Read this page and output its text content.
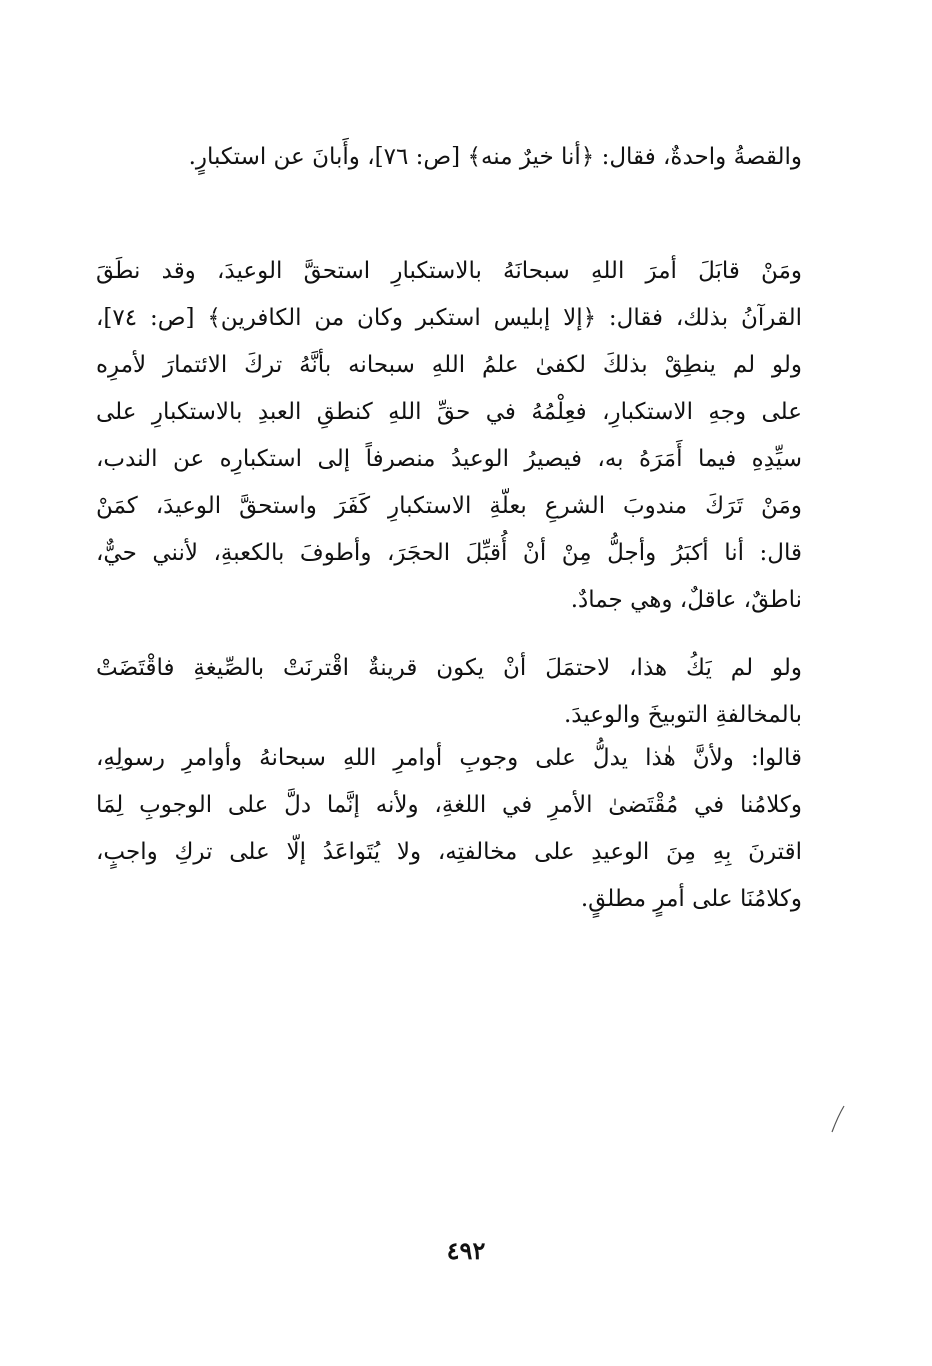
والقصةُ واحدةٌ، فقال: ﴿أنا خيرٌ منه﴾ [ص: ٧٦]، وأَبانَ عن استكبارٍ.
ومَنْ قابَلَ أمرَ اللهِ سبحانَهُ بالاستكبارِ استحقَّ الوعيدَ، وقد نطَقَ
القرآنُ بذلك، فقال: ﴿إلا إبليس استكبر وكان من الكافرين﴾ [ص: ٧٤]،
ولو لم ينطِقْ بذلكَ لكفىٰ علمُ اللهِ سبحانه بأنَّهُ تركَ الائتمارَ لأمرِه
على وجهِ الاستكبارِ، فعِلْمُهُ في حقِّ اللهِ كنطقِ العبدِ بالاستكبارِ على
سيِّدِهِ فيما أَمَرَهُ به، فيصيرُ الوعيدُ منصرفاً إلى استكبارِه عن الندب،
ومَنْ تَرَكَ مندوبَ الشرعِ بعلّةِ الاستكبارِ كَفَرَ واستحقَّ الوعيدَ، كمَنْ
قال: أنا أكبَرُ وأجلُّ مِنْ أنْ أُقبِّلَ الحجَرَ، وأطوفَ بالكعبةِ، لأنني حيٌّ،
ناطقٌ، عاقلٌ، وهي جمادٌ.
ولو لم يَكُ هذا، لاحتمَلَ أنْ يكون قرينةٌ اقْترنَتْ بالصِّيغةِ فاقْتَضَتْ
بالمخالفةِ التوبيخَ والوعيدَ.
قالوا: ولأنَّ هٰذا يدلُّ على وجوبِ أوامرِ اللهِ سبحانهُ وأوامرِ رسولِهِ،
وكلامُنا في مُقْتَضىٰ الأمرِ في اللغةِ، ولأنه إنَّما دلَّ على الوجوبِ لِمَا
اقترنَ بِهِ مِنَ الوعيدِ على مخالفتِه، ولا يُتَواعَدُ إلّا على تركِ واجبٍ،
وكلامُنَا على أمرٍ مطلقٍ.
٤٩٢
